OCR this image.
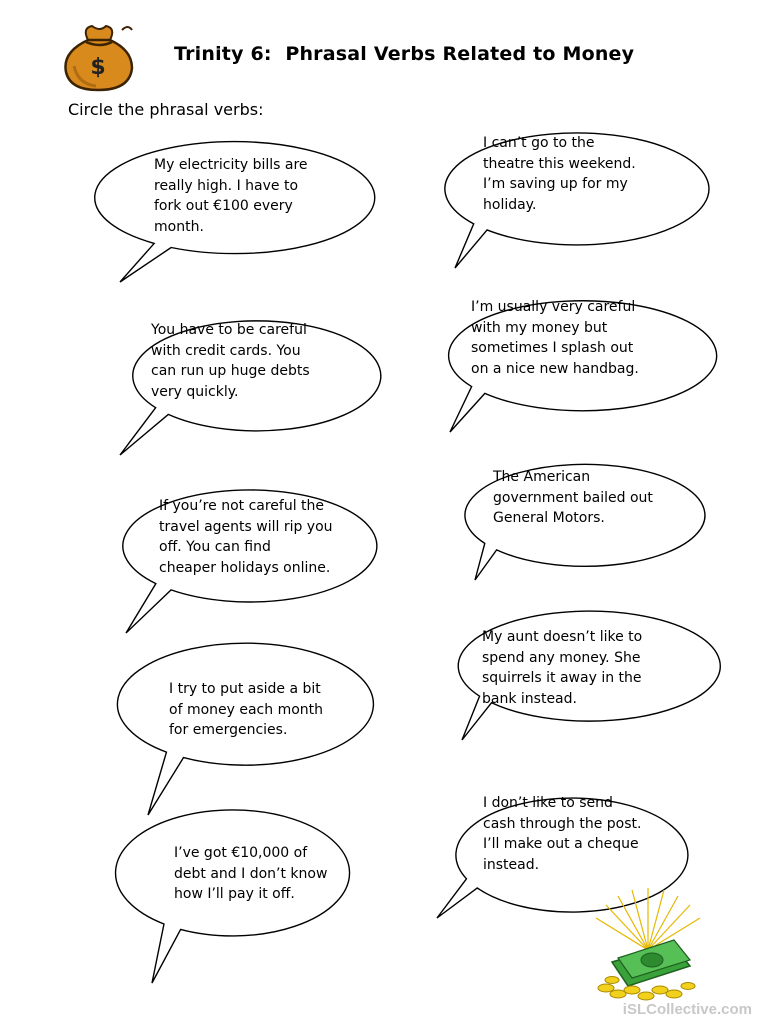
$
Trinity 6:  Phrasal Verbs Related to Money
Circle the phrasal verbs:
My electricity bills are
really high. I have to
fork out €100 every
month.
I can’t go to the
theatre this weekend.
I’m saving up for my
holiday.
You have to be careful
with credit cards. You
can run up huge debts
very quickly.
I’m usually very careful
with my money but
sometimes I splash out
on a nice new handbag.
If you’re not careful the
travel agents will rip you
off. You can find
cheaper holidays online.
The American
government bailed out
General Motors.
My aunt doesn’t like to
spend any money. She
squirrels it away in the
bank instead.
I try to put aside a bit
of money each month
for emergencies.
I don’t like to send
cash through the post.
I’ll make out a cheque
instead.
I’ve got €10,000 of
debt and I don’t know
how I’ll pay it off.
iSLCollective.com
